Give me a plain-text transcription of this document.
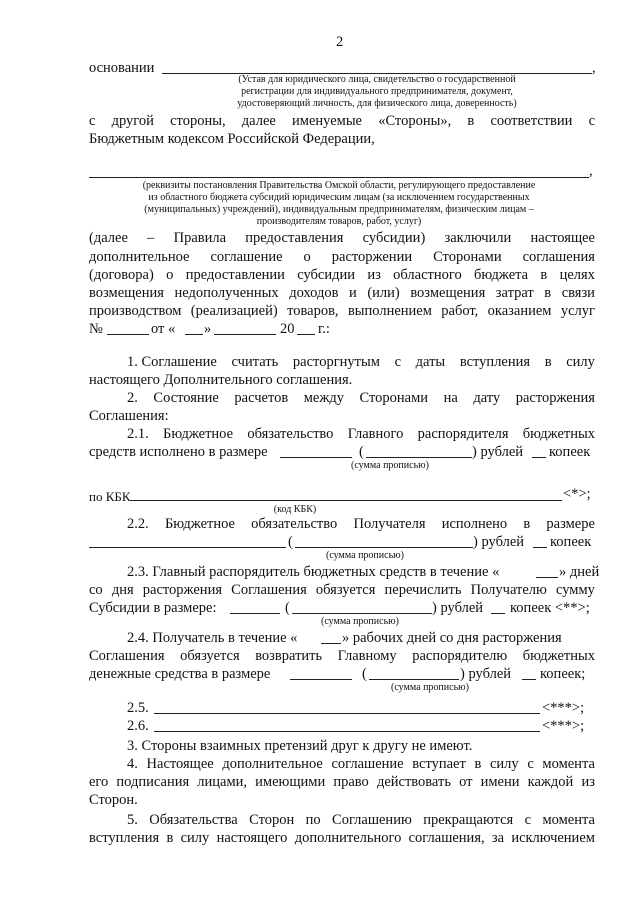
2
основании	,
(Устав для юридического лица, свидетельство о государственной
регистрации для индивидуального предпринимателя, документ,
удостоверяющий личность, для физического лица, доверенность)
с другой стороны, далее именуемые «Стороны», в соответствии с
Бюджетным кодексом Российской Федерации,
,
(реквизиты постановления Правительства Омской области, регулирующего предоставление
из областного бюджета субсидий юридическим лицам (за исключением государственных
(муниципальных) учреждений), индивидуальным предпринимателям, физическим лицам –
производителям товаров, работ, услуг)
(далее – Правила предоставления субсидии) заключили настоящее
дополнительное соглашение о расторжении Сторонами соглашения
(договора) о предоставлении субсидии из областного бюджета в целях
возмещения недополученных доходов и (или) возмещения затрат в связи
производством (реализацией) товаров, выполнением работ, оказанием услуг
№	от « »	20 г.:
1. Соглашение считать расторгнутым с даты вступления в силу
настоящего Дополнительного соглашения.
2. Состояние расчетов между Сторонами на дату расторжения
Соглашения:
2.1. Бюджетное обязательство Главного распорядителя бюджетных
средств исполнено в размере	(	) рублей копеек
(сумма прописью)
по КБК	<*>;
(код КБК)
2.2. Бюджетное обязательство Получателя исполнено в размере
(	) рублей копеек
(сумма прописью)
2.3. Главный распорядитель бюджетных средств в течение «	» дней
со дня расторжения Соглашения обязуется перечислить Получателю сумму
Субсидии в размере:	(	) рублей копеек <**>;
(сумма прописью)
2.4. Получатель в течение «	» рабочих дней со дня расторжения
Соглашения обязуется возвратить Главному распорядителю бюджетных
денежные средства в размере	(	) рублей копеек;
(сумма прописью)
2.5.	<***>;
2.6.	<***>;
3. Стороны взаимных претензий друг к другу не имеют.
4. Настоящее дополнительное соглашение вступает в силу с момента
его подписания лицами, имеющими право действовать от имени каждой из
Сторон.
5. Обязательства Сторон по Соглашению прекращаются с момента
вступления в силу настоящего дополнительного соглашения, за исключением
